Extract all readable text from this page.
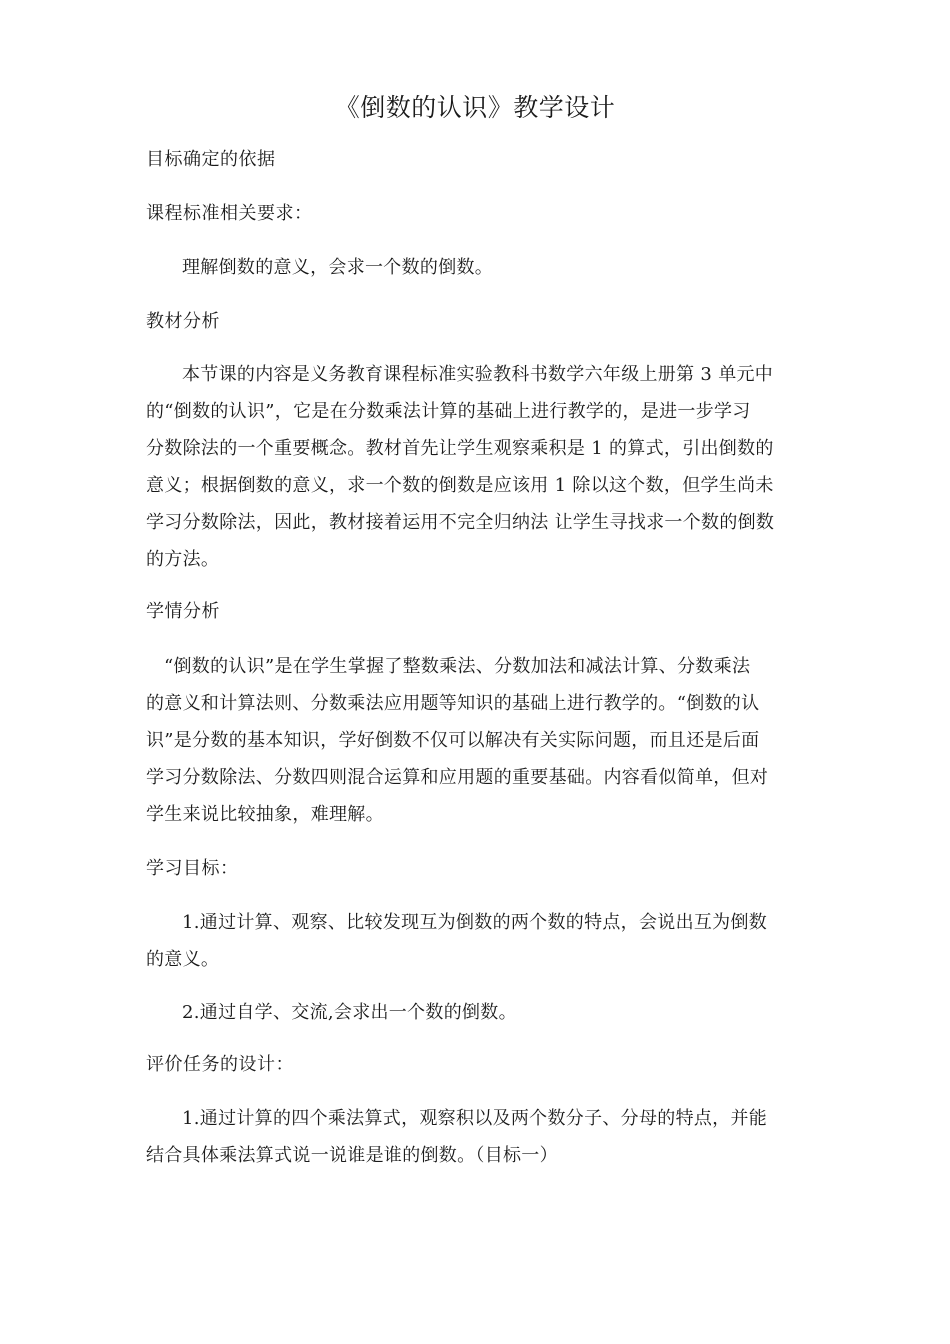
《倒数的认识》教学设计
目标确定的依据
课程标准相关要求：
理解倒数的意义，会求一个数的倒数。
教材分析
本节课的内容是义务教育课程标准实验教科书数学六年级上册第 3 单元中
的“倒数的认识”，它是在分数乘法计算的基础上进行教学的，是进一步学习
分数除法的一个重要概念。教材首先让学生观察乘积是 1 的算式，引出倒数的
意义；根据倒数的意义，求一个数的倒数是应该用 1 除以这个数，但学生尚未
学习分数除法，因此，教材接着运用不完全归纳法 让学生寻找求一个数的倒数
的方法。
学情分析
“倒数的认识”是在学生掌握了整数乘法、分数加法和减法计算、分数乘法
的意义和计算法则、分数乘法应用题等知识的基础上进行教学的。“倒数的认
识”是分数的基本知识，学好倒数不仅可以解决有关实际问题，而且还是后面
学习分数除法、分数四则混合运算和应用题的重要基础。内容看似简单，但对
学生来说比较抽象，难理解。
学习目标：
1.通过计算、观察、比较发现互为倒数的两个数的特点，会说出互为倒数
的意义。
2.通过自学、交流,会求出一个数的倒数。
评价任务的设计：
1.通过计算的四个乘法算式，观察积以及两个数分子、分母的特点，并能
结合具体乘法算式说一说谁是谁的倒数。（目标一）
